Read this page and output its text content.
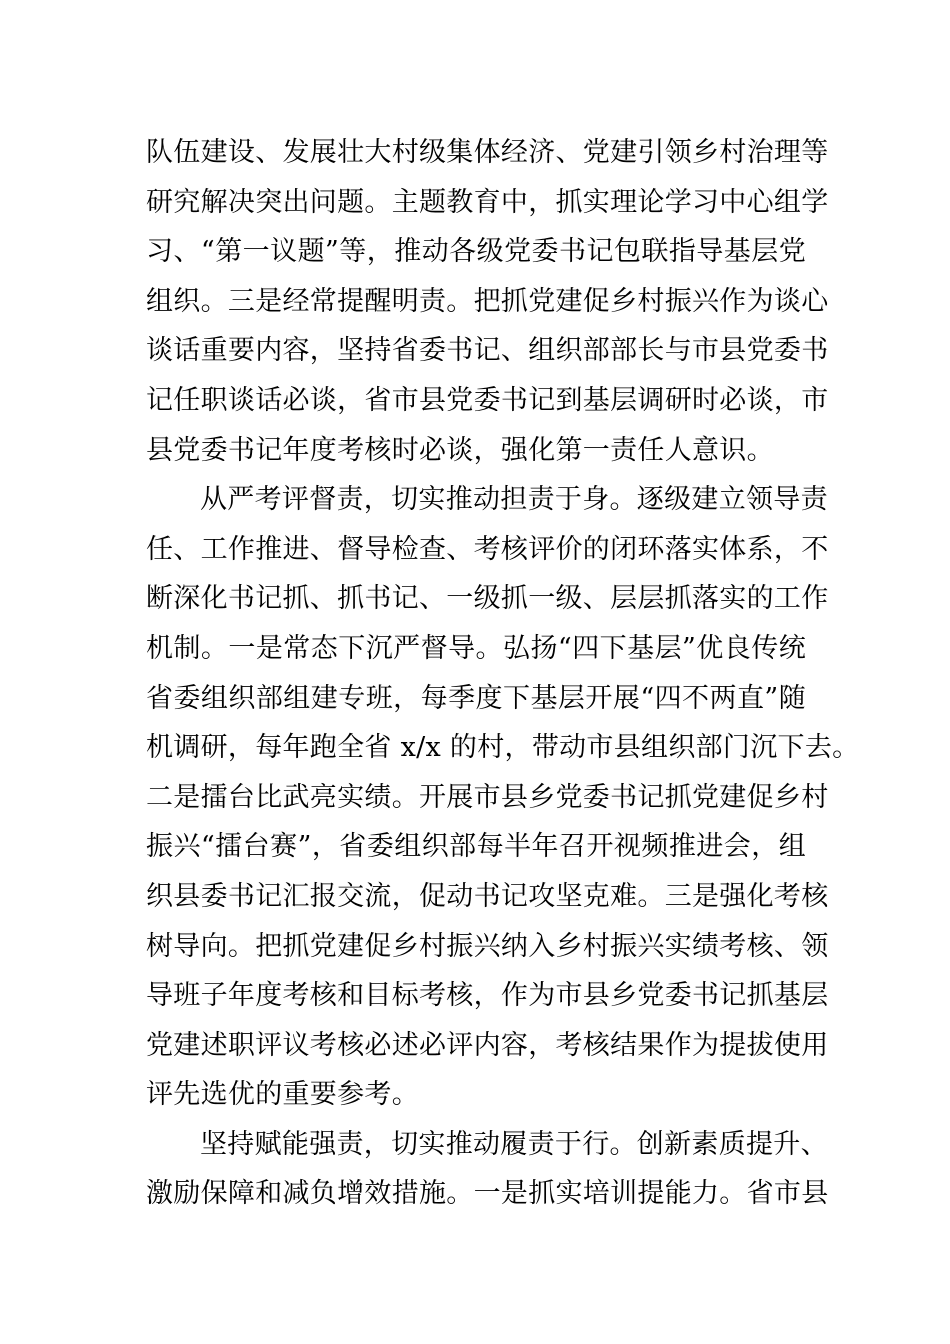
队伍建设、发展壮大村级集体经济、党建引领乡村治理等
研究解决突出问题。主题教育中，抓实理论学习中心组学
习、“第一议题”等，推动各级党委书记包联指导基层党
组织。三是经常提醒明责。把抓党建促乡村振兴作为谈心
谈话重要内容，坚持省委书记、组织部部长与市县党委书
记任职谈话必谈，省市县党委书记到基层调研时必谈，市
县党委书记年度考核时必谈，强化第一责任人意识。
从严考评督责，切实推动担责于身。逐级建立领导责
任、工作推进、督导检查、考核评价的闭环落实体系，不
断深化书记抓、抓书记、一级抓一级、层层抓落实的工作
机制。一是常态下沉严督导。弘扬“四下基层”优良传统
省委组织部组建专班，每季度下基层开展“四不两直”随
机调研，每年跑全省 x/x 的村，带动市县组织部门沉下去。
二是擂台比武亮实绩。开展市县乡党委书记抓党建促乡村
振兴“擂台赛”，省委组织部每半年召开视频推进会，组
织县委书记汇报交流，促动书记攻坚克难。三是强化考核
树导向。把抓党建促乡村振兴纳入乡村振兴实绩考核、领
导班子年度考核和目标考核，作为市县乡党委书记抓基层
党建述职评议考核必述必评内容，考核结果作为提拔使用
评先选优的重要参考。
坚持赋能强责，切实推动履责于行。创新素质提升、
激励保障和减负增效措施。一是抓实培训提能力。省市县
